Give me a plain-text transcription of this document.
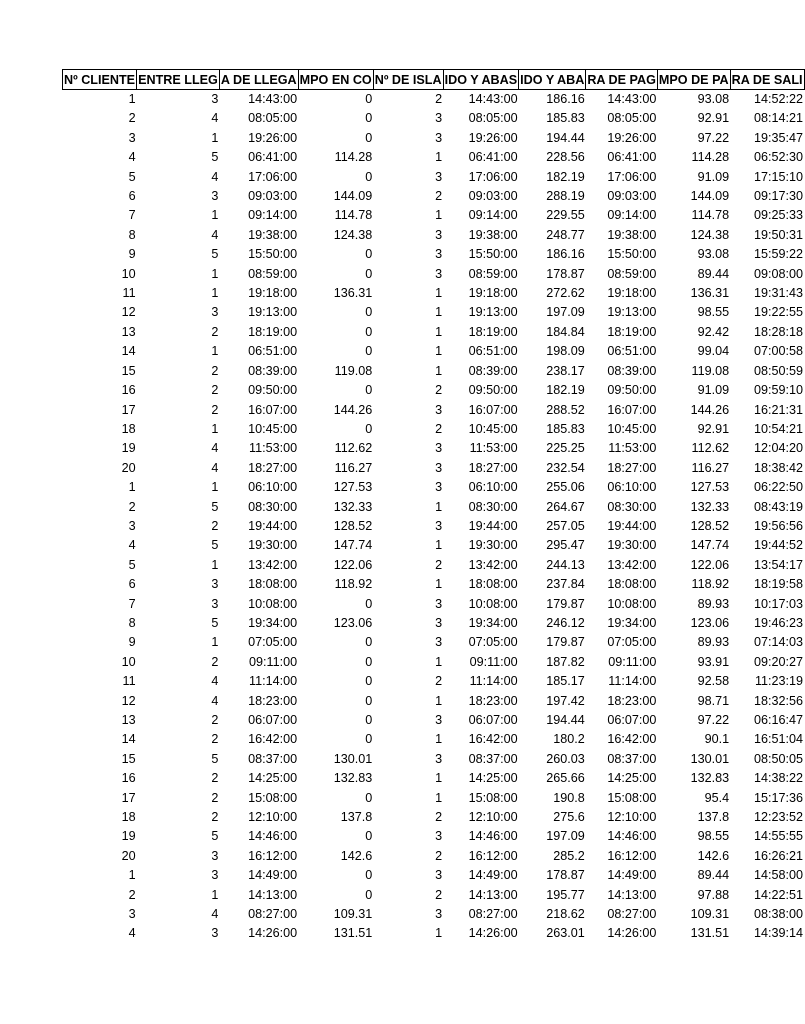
Nº CLIENTE	ENTRE LLEG	A DE LLEGA	MPO EN CO	Nº DE ISLA	IDO Y ABAS	IDO Y ABA	RA DE PAG	MPO DE PA	RA DE SALI
1	3	14:43:00	0	2	14:43:00	186.16	14:43:00	93.08	14:52:22
2	4	08:05:00	0	3	08:05:00	185.83	08:05:00	92.91	08:14:21
3	1	19:26:00	0	3	19:26:00	194.44	19:26:00	97.22	19:35:47
4	5	06:41:00	114.28	1	06:41:00	228.56	06:41:00	114.28	06:52:30
5	4	17:06:00	0	3	17:06:00	182.19	17:06:00	91.09	17:15:10
6	3	09:03:00	144.09	2	09:03:00	288.19	09:03:00	144.09	09:17:30
7	1	09:14:00	114.78	1	09:14:00	229.55	09:14:00	114.78	09:25:33
8	4	19:38:00	124.38	3	19:38:00	248.77	19:38:00	124.38	19:50:31
9	5	15:50:00	0	3	15:50:00	186.16	15:50:00	93.08	15:59:22
10	1	08:59:00	0	3	08:59:00	178.87	08:59:00	89.44	09:08:00
11	1	19:18:00	136.31	1	19:18:00	272.62	19:18:00	136.31	19:31:43
12	3	19:13:00	0	1	19:13:00	197.09	19:13:00	98.55	19:22:55
13	2	18:19:00	0	1	18:19:00	184.84	18:19:00	92.42	18:28:18
14	1	06:51:00	0	1	06:51:00	198.09	06:51:00	99.04	07:00:58
15	2	08:39:00	119.08	1	08:39:00	238.17	08:39:00	119.08	08:50:59
16	2	09:50:00	0	2	09:50:00	182.19	09:50:00	91.09	09:59:10
17	2	16:07:00	144.26	3	16:07:00	288.52	16:07:00	144.26	16:21:31
18	1	10:45:00	0	2	10:45:00	185.83	10:45:00	92.91	10:54:21
19	4	11:53:00	112.62	3	11:53:00	225.25	11:53:00	112.62	12:04:20
20	4	18:27:00	116.27	3	18:27:00	232.54	18:27:00	116.27	18:38:42
1	1	06:10:00	127.53	3	06:10:00	255.06	06:10:00	127.53	06:22:50
2	5	08:30:00	132.33	1	08:30:00	264.67	08:30:00	132.33	08:43:19
3	2	19:44:00	128.52	3	19:44:00	257.05	19:44:00	128.52	19:56:56
4	5	19:30:00	147.74	1	19:30:00	295.47	19:30:00	147.74	19:44:52
5	1	13:42:00	122.06	2	13:42:00	244.13	13:42:00	122.06	13:54:17
6	3	18:08:00	118.92	1	18:08:00	237.84	18:08:00	118.92	18:19:58
7	3	10:08:00	0	3	10:08:00	179.87	10:08:00	89.93	10:17:03
8	5	19:34:00	123.06	3	19:34:00	246.12	19:34:00	123.06	19:46:23
9	1	07:05:00	0	3	07:05:00	179.87	07:05:00	89.93	07:14:03
10	2	09:11:00	0	1	09:11:00	187.82	09:11:00	93.91	09:20:27
11	4	11:14:00	0	2	11:14:00	185.17	11:14:00	92.58	11:23:19
12	4	18:23:00	0	1	18:23:00	197.42	18:23:00	98.71	18:32:56
13	2	06:07:00	0	3	06:07:00	194.44	06:07:00	97.22	06:16:47
14	2	16:42:00	0	1	16:42:00	180.2	16:42:00	90.1	16:51:04
15	5	08:37:00	130.01	3	08:37:00	260.03	08:37:00	130.01	08:50:05
16	2	14:25:00	132.83	1	14:25:00	265.66	14:25:00	132.83	14:38:22
17	2	15:08:00	0	1	15:08:00	190.8	15:08:00	95.4	15:17:36
18	2	12:10:00	137.8	2	12:10:00	275.6	12:10:00	137.8	12:23:52
19	5	14:46:00	0	3	14:46:00	197.09	14:46:00	98.55	14:55:55
20	3	16:12:00	142.6	2	16:12:00	285.2	16:12:00	142.6	16:26:21
1	3	14:49:00	0	3	14:49:00	178.87	14:49:00	89.44	14:58:00
2	1	14:13:00	0	2	14:13:00	195.77	14:13:00	97.88	14:22:51
3	4	08:27:00	109.31	3	08:27:00	218.62	08:27:00	109.31	08:38:00
4	3	14:26:00	131.51	1	14:26:00	263.01	14:26:00	131.51	14:39:14
